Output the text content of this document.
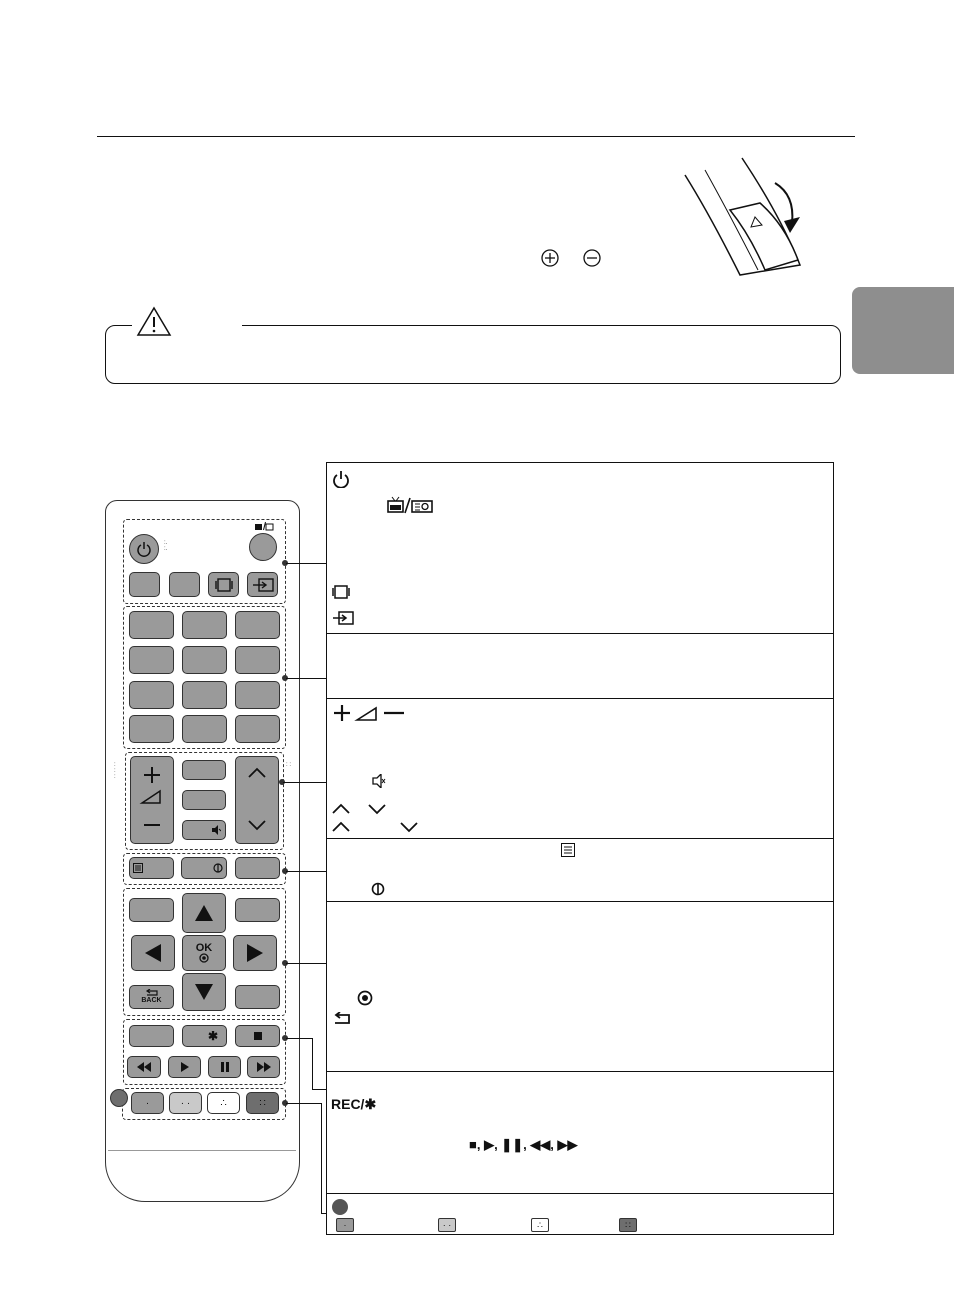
:.
:.
:
:
:
: :
OK
BACK
✱
·	· ·	∴	∷	REC/✱
■, ▶, ❚❚, ◀◀, ▶▶
·	· ·	∴	∷
